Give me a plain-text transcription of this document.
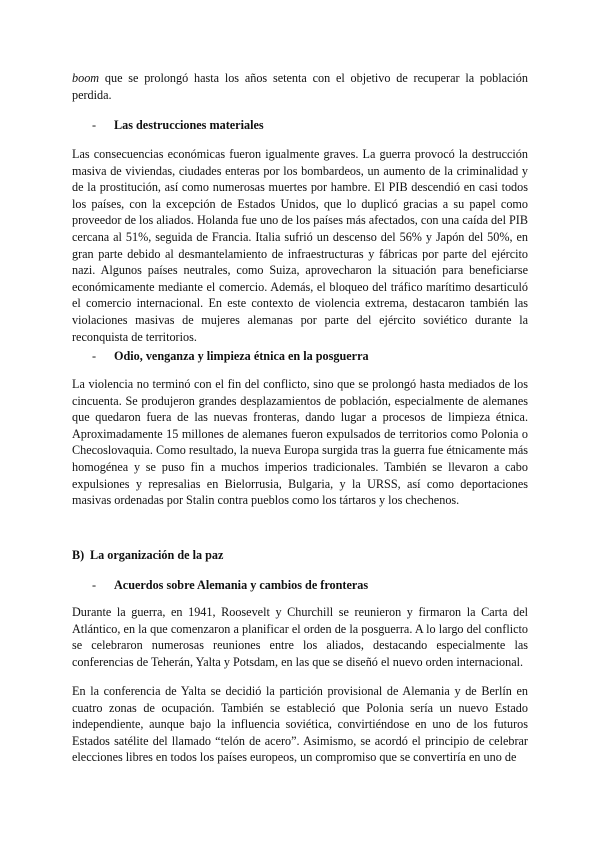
boom que se prolongó hasta los años setenta con el objetivo de recuperar la población perdida.

- Las destrucciones materiales

Las consecuencias económicas fueron igualmente graves. La guerra provocó la destrucción masiva de viviendas, ciudades enteras por los bombardeos, un aumento de la criminalidad y de la prostitución, así como numerosas muertes por hambre. El PIB descendió en casi todos los países, con la excepción de Estados Unidos, que lo duplicó gracias a su papel como proveedor de los aliados. Holanda fue uno de los países más afectados, con una caída del PIB cercana al 51%, seguida de Francia. Italia sufrió un descenso del 56% y Japón del 50%, en gran parte debido al desmantelamiento de infraestructuras y fábricas por parte del ejército nazi. Algunos países neutrales, como Suiza, aprovecharon la situación para beneficiarse económicamente mediante el comercio. Además, el bloqueo del tráfico marítimo desarticuló el comercio internacional. En este contexto de violencia extrema, destacaron también las violaciones masivas de mujeres alemanas por parte del ejército soviético durante la reconquista de territorios.

- Odio, venganza y limpieza étnica en la posguerra

La violencia no terminó con el fin del conflicto, sino que se prolongó hasta mediados de los cincuenta. Se produjeron grandes desplazamientos de población, especialmente de alemanes que quedaron fuera de las nuevas fronteras, dando lugar a procesos de limpieza étnica. Aproximadamente 15 millones de alemanes fueron expulsados de territorios como Polonia o Checoslovaquia. Como resultado, la nueva Europa surgida tras la guerra fue étnicamente más homogénea y se puso fin a muchos imperios tradicionales. También se llevaron a cabo expulsiones y represalias en Bielorrusia, Bulgaria, y la URSS, así como deportaciones masivas ordenadas por Stalin contra pueblos como los tártaros y los chechenos.

B) La organización de la paz

- Acuerdos sobre Alemania y cambios de fronteras

Durante la guerra, en 1941, Roosevelt y Churchill se reunieron y firmaron la Carta del Atlántico, en la que comenzaron a planificar el orden de la posguerra. A lo largo del conflicto se celebraron numerosas reuniones entre los aliados, destacando especialmente las conferencias de Teherán, Yalta y Potsdam, en las que se diseñó el nuevo orden internacional.

En la conferencia de Yalta se decidió la partición provisional de Alemania y de Berlín en cuatro zonas de ocupación. También se estableció que Polonia sería un nuevo Estado independiente, aunque bajo la influencia soviética, convirtiéndose en uno de los futuros Estados satélite del llamado “telón de acero”. Asimismo, se acordó el principio de celebrar elecciones libres en todos los países europeos, un compromiso que se convertiría en uno de
